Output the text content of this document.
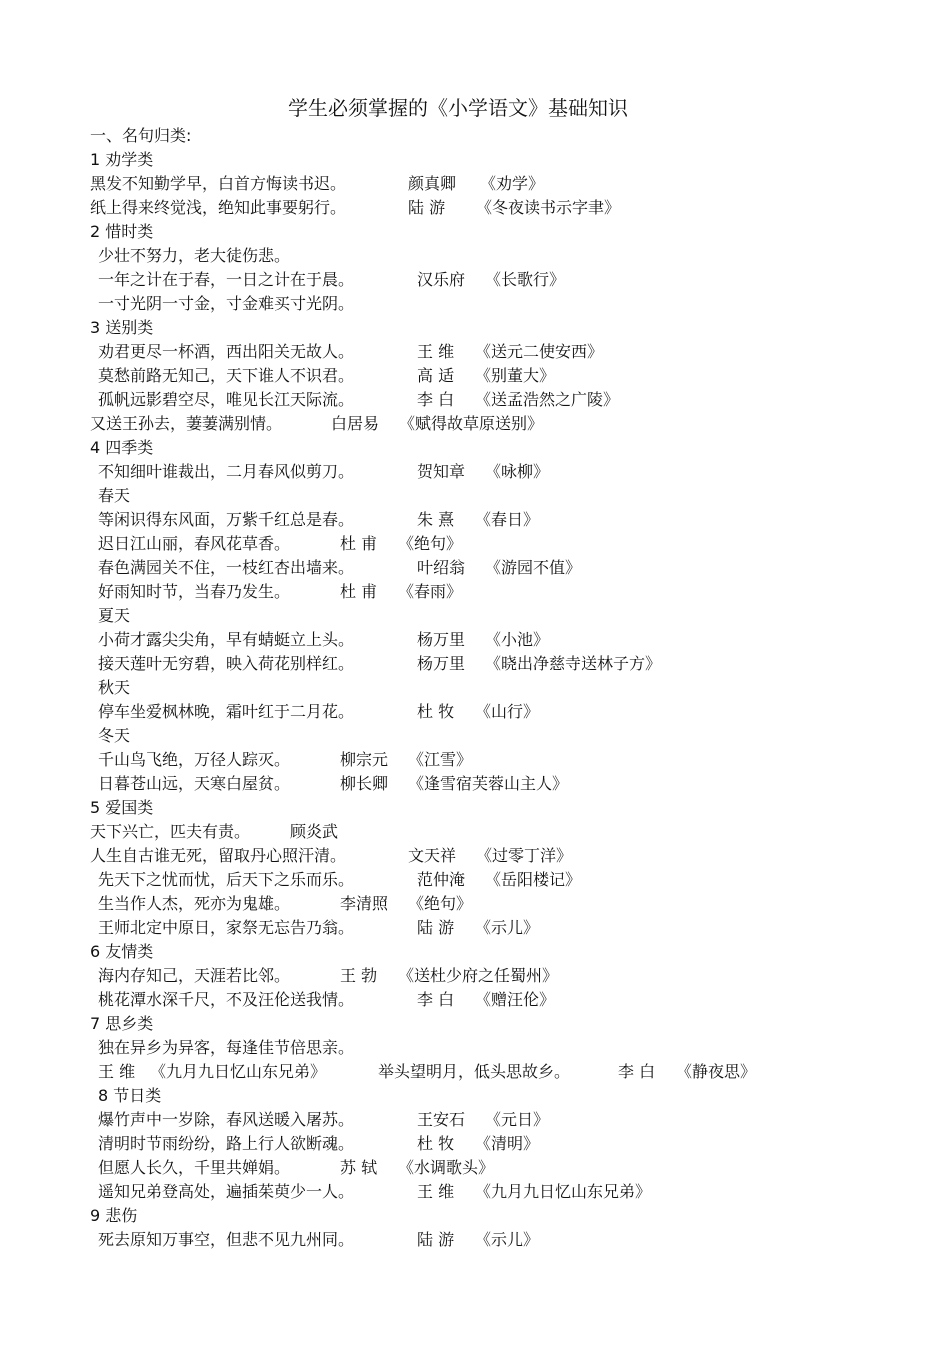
学生必须掌握的《小学语文》基础知识
一、名句归类:
1 劝学类
黑发不知勤学早，白首方悔读书迟。	颜真卿 《劝学》
纸上得来终觉浅，绝知此事要躬行。	陆 游 《冬夜读书示字聿》
2 惜时类
少壮不努力，老大徒伤悲。
一年之计在于春，一日之计在于晨。	汉乐府 《长歌行》
一寸光阴一寸金，寸金难买寸光阴。
3 送别类
劝君更尽一杯酒，西出阳关无故人。	王 维 《送元二使安西》
莫愁前路无知己，天下谁人不识君。	高 适 《别董大》
孤帆远影碧空尽，唯见长江天际流。	李 白 《送孟浩然之广陵》
又送王孙去，萋萋满别情。	白居易 《赋得故草原送别》
4 四季类
不知细叶谁裁出，二月春风似剪刀。	贺知章 《咏柳》
春天
等闲识得东风面，万紫千红总是春。	朱 熹 《春日》
迟日江山丽，春风花草香。	杜 甫 《绝句》
春色满园关不住，一枝红杏出墙来。	叶绍翁 《游园不值》
好雨知时节，当春乃发生。	杜 甫 《春雨》
夏天
小荷才露尖尖角，早有蜻蜓立上头。	杨万里 《小池》
接天莲叶无穷碧，映入荷花别样红。	杨万里 《晓出净慈寺送林子方》
秋天
停车坐爱枫林晚，霜叶红于二月花。	杜 牧 《山行》
冬天
千山鸟飞绝，万径人踪灭。	柳宗元 《江雪》
日暮苍山远，天寒白屋贫。	柳长卿 《逢雪宿芙蓉山主人》
5 爱国类
天下兴亡，匹夫有责。 顾炎武
人生自古谁无死，留取丹心照汗清。	文天祥 《过零丁洋》
先天下之忧而忧，后天下之乐而乐。	范仲淹 《岳阳楼记》
生当作人杰，死亦为鬼雄。	李清照 《绝句》
王师北定中原日，家祭无忘告乃翁。	陆 游 《示儿》
6 友情类
海内存知己，天涯若比邻。	王 勃 《送杜少府之任蜀州》
桃花潭水深千尺，不及汪伦送我情。	李 白 《赠汪伦》
7 思乡类
独在异乡为异客，每逢佳节倍思亲。
王 维 《九月九日忆山东兄弟》	举头望明月，低头思故乡。	李 白 《静夜思》
8 节日类
爆竹声中一岁除，春风送暖入屠苏。	王安石 《元日》
清明时节雨纷纷，路上行人欲断魂。	杜 牧 《清明》
但愿人长久，千里共婵娟。	苏 轼 《水调歌头》
遥知兄弟登高处，遍插茱萸少一人。	王 维 《九月九日忆山东兄弟》
9 悲伤
死去原知万事空，但悲不见九州同。	陆 游 《示儿》
